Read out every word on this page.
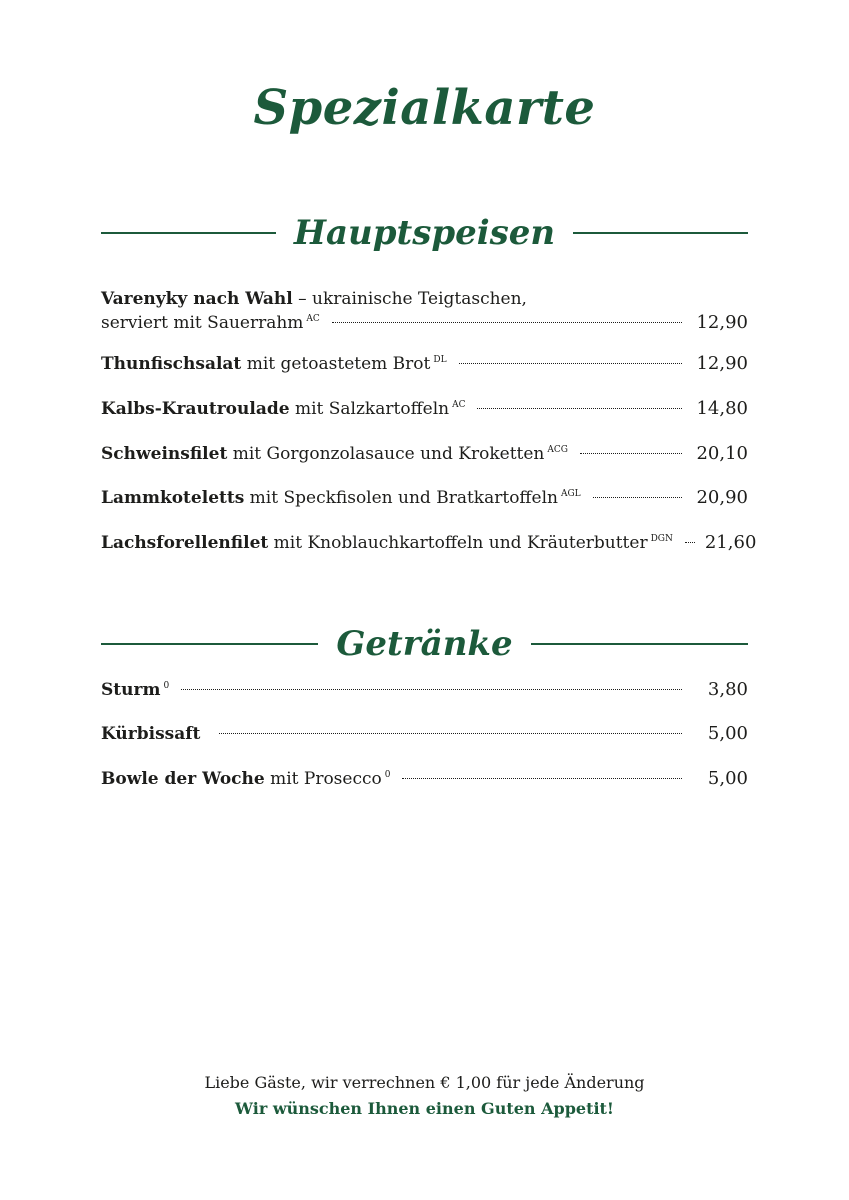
Spezialkarte
Hauptspeisen
Varenyky nach Wahl – ukrainische Teigtaschen,
serviert mit Sauerrahm $^{AC}$	12,90
Thunfischsalat mit getoastetem Brot $^{DL}$	12,90
Kalbs-Krautroulade mit Salzkartoffeln $^{AC}$	14,80
Schweinsfilet mit Gorgonzolasauce und Kroketten $^{ACG}$	20,10
Lammkoteletts mit Speckfisolen und Bratkartoffeln $^{AGL}$	20,90
Lachsforellenfilet mit Knoblauchkartoffeln und Kräuterbutter $^{DGN}$ 21,60
Getränke
Sturm $^0$	3,80
Kürbissaft	5,00
Bowle der Woche mit Prosecco $^0$	5,00
Liebe Gäste, wir verrechnen € 1,00 für jede Änderung
Wir wünschen Ihnen einen Guten Appetit!
